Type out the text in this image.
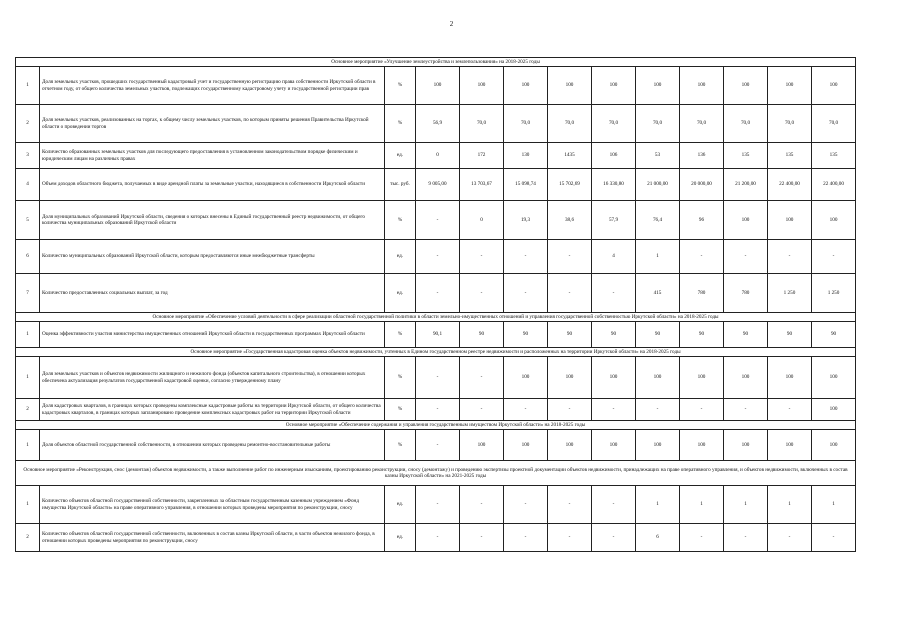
2
Основное мероприятие «Улучшение землеустройства и землепользования» на 2018-2025 годы												
1	Доля земельных участков, прошедших государственный кадастровый учет и государственную регистрацию права собственности Иркутской области в отчетном году, от общего количества земельных участков, подлежащих государственному кадастровому учету и государственной регистрации прав	%	100	100	100	100	100	100	100	100	100	100
2	Доля земельных участков, реализованных на торгах, к общему числу земельных участков, по которым приняты решения Правительства Иркутской области о проведении торгов	%	56,9	70,0	70,0	70,0	70,0	70,0	70,0	70,0	70,0	70,0
3	Количество образованных земельных участков для последующего предоставления в установленном законодательством порядке физическим и юридическим лицам на различных правах	ед.	0	172	130	1435	106	53	136	135	135	135
4	Объем доходов областного бюджета, получаемых в виде арендной платы за земельные участки, находящиеся в собственности Иркутской области	тыс. руб.	9 005,00	13 703,67	15 098,74	15 702,69	16 330,80	21 000,00	20 000,00	21 200,00	22 400,00	22 400,00
5	Доля муниципальных образований Иркутской области, сведения о которых внесены в Единый государственный реестр недвижимости, от общего количества муниципальных образований Иркутской области	%	-	0	19,3	38,6	57,9	76,4	96	100	100	100
6	Количество муниципальных образований Иркутской области, которым предоставляются иные межбюджетные трансферты	ед.	-	-	-	-	4	1	-	-	-	-
7	Количество предоставленных социальных выплат, за год	ед.	-	-	-	-	-	415	780	780	1 250	1 250
Основное мероприятие «Обеспечение условий деятельности в сфере реализации областной государственной политики в области земельно-имущественных отношений и управления государственной собственностью Иркутской области» на 2018-2025 годы												
1	Оценка эффективности участия министерства имущественных отношений Иркутской области в государственных программах Иркутской области	%	90,1	90	90	90	90	90	90	90	90	90
Основное мероприятие «Государственная кадастровая оценка объектов недвижимости, учтенных в Едином государственном реестре недвижимости и расположенных на территории Иркутской области» на 2018-2025 годы												
1	Доля земельных участков и объектов недвижимости жилищного и нежилого фонда (объектов капитального строительства), в отношении которых обеспечена актуализация результатов государственной кадастровой оценки, согласно утвержденному плану	%	-	-	100	100	100	100	100	100	100	100
2	Доля кадастровых кварталов, в границах которых проведены комплексные кадастровые работы на территории Иркутской области, от общего количества кадастровых кварталов, в границах которых запланировано проведение комплексных кадастровых работ на территории Иркутской области	%	-	-	-	-	-	-	-	-	-	100
Основное мероприятие «Обеспечение содержания и управления государственным имуществом Иркутской области» на 2018-2025 годы												
1	Доля объектов областной государственной собственности, в отношении которых проведены ремонтно-восстановительные работы	%	-	100	100	100	100	100	100	100	100	100
Основное мероприятие «Реконструкция, снос (демонтаж) объектов недвижимости, а также выполнение работ по инженерным изысканиям, проектированию реконструкции, сносу (демонтажу) и проведению экспертизы проектной документации объектов недвижимости, принадлежащих на праве оперативного управления, и объектов недвижимости, включенных в состав казны Иркутской области» на 2021-2025 годы												
1	Количество объектов областной государственной собственности, закрепленных за областным государственным казенным учреждением «Фонд имущества Иркутской области» на праве оперативного управления, в отношении которых проведены мероприятия по реконструкции, сносу	ед.	-	-	-	-	-	1	1	1	1	1
2	Количество объектов областной государственной собственности, включенных в состав казны Иркутской области, в части объектов нежилого фонда, в отношении которых проведены мероприятия по реконструкции, сносу	ед.	-	-	-	-	-	6	-	-	-	-
